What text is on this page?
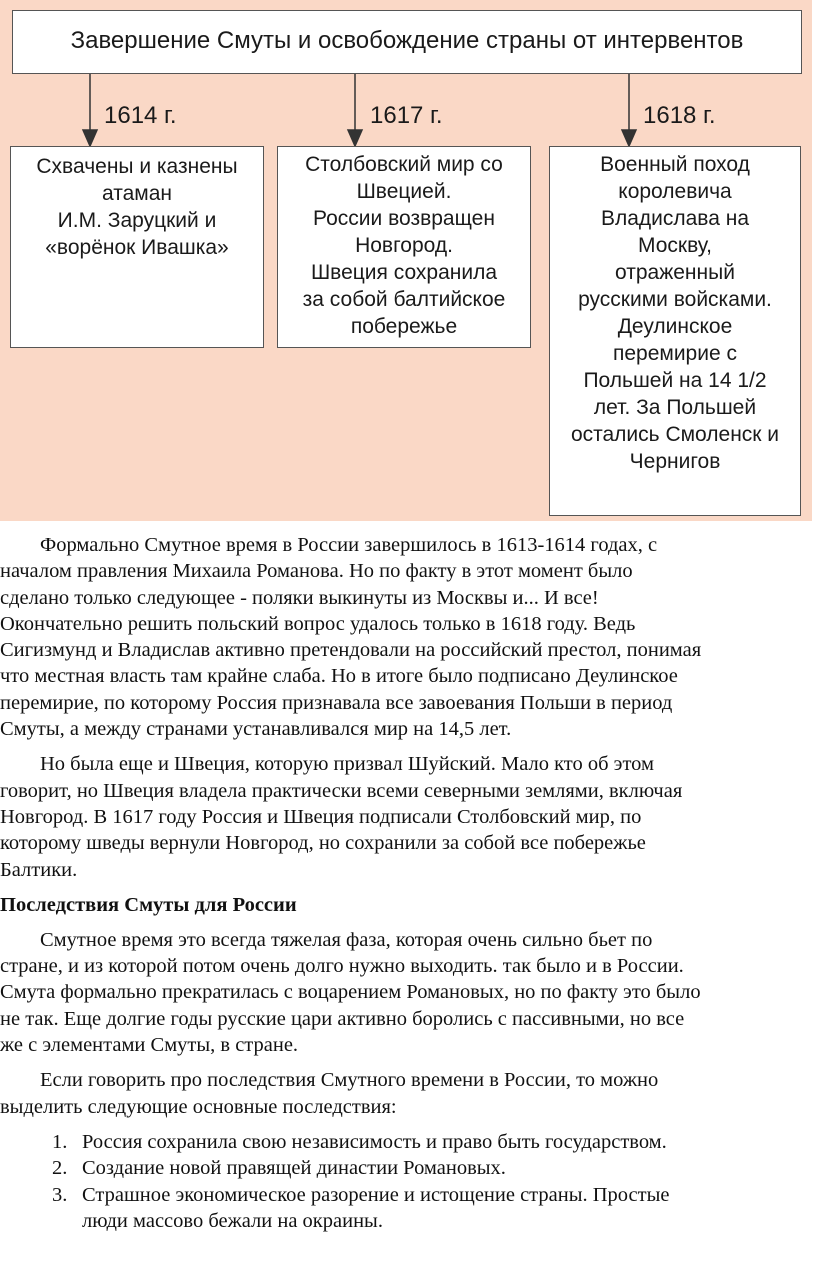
Завершение Смуты и освобождение страны от интервентов
1614 г.	1617 г.	1618 г.
Схвачены и казнены
атаман
И.М. Заруцкий и
«ворёнок Ивашка»
Столбовский мир со
Швецией.
России возвращен
Новгород.
Швеция сохранила
за собой балтийское
побережье
Военный поход
королевича
Владислава на
Москву,
отраженный
русскими войсками.
Деулинское
перемирие с
Польшей на 14 1/2
лет. За Польшей
остались Смоленск и
Чернигов

Формально Смутное время в России завершилось в 1613-1614 годах, с

началом правления Михаила Романова. Но по факту в этот момент было

сделано только следующее - поляки выкинуты из Москвы и... И все!

Окончательно решить польский вопрос удалось только в 1618 году. Ведь

Сигизмунд и Владислав активно претендовали на российский престол, понимая

что местная власть там крайне слаба. Но в итоге было подписано Деулинское

перемирие, по которому Россия признавала все завоевания Польши в период

Смуты, а между странами устанавливался мир на 14,5 лет.

Но была еще и Швеция, которую призвал Шуйский. Мало кто об этом

говорит, но Швеция владела практически всеми северными землями, включая

Новгород. В 1617 году Россия и Швеция подписали Столбовский мир, по

которому шведы вернули Новгород, но сохранили за собой все побережье

Балтики.

Последствия Смуты для России

Смутное время это всегда тяжелая фаза, которая очень сильно бьет по

стране, и из которой потом очень долго нужно выходить. так было и в России.

Смута формально прекратилась с воцарением Романовых, но по факту это было

не так. Еще долгие годы русские цари активно боролись с пассивными, но все

же с элементами Смуты, в стране.

Если говорить про последствия Смутного времени в России, то можно

выделить следующие основные последствия:

1. Россия сохранила свою независимость и право быть государством.
2. Создание новой правящей династии Романовых.
3. Страшное экономическое разорение и истощение страны. Простые
люди массово бежали на окраины.
